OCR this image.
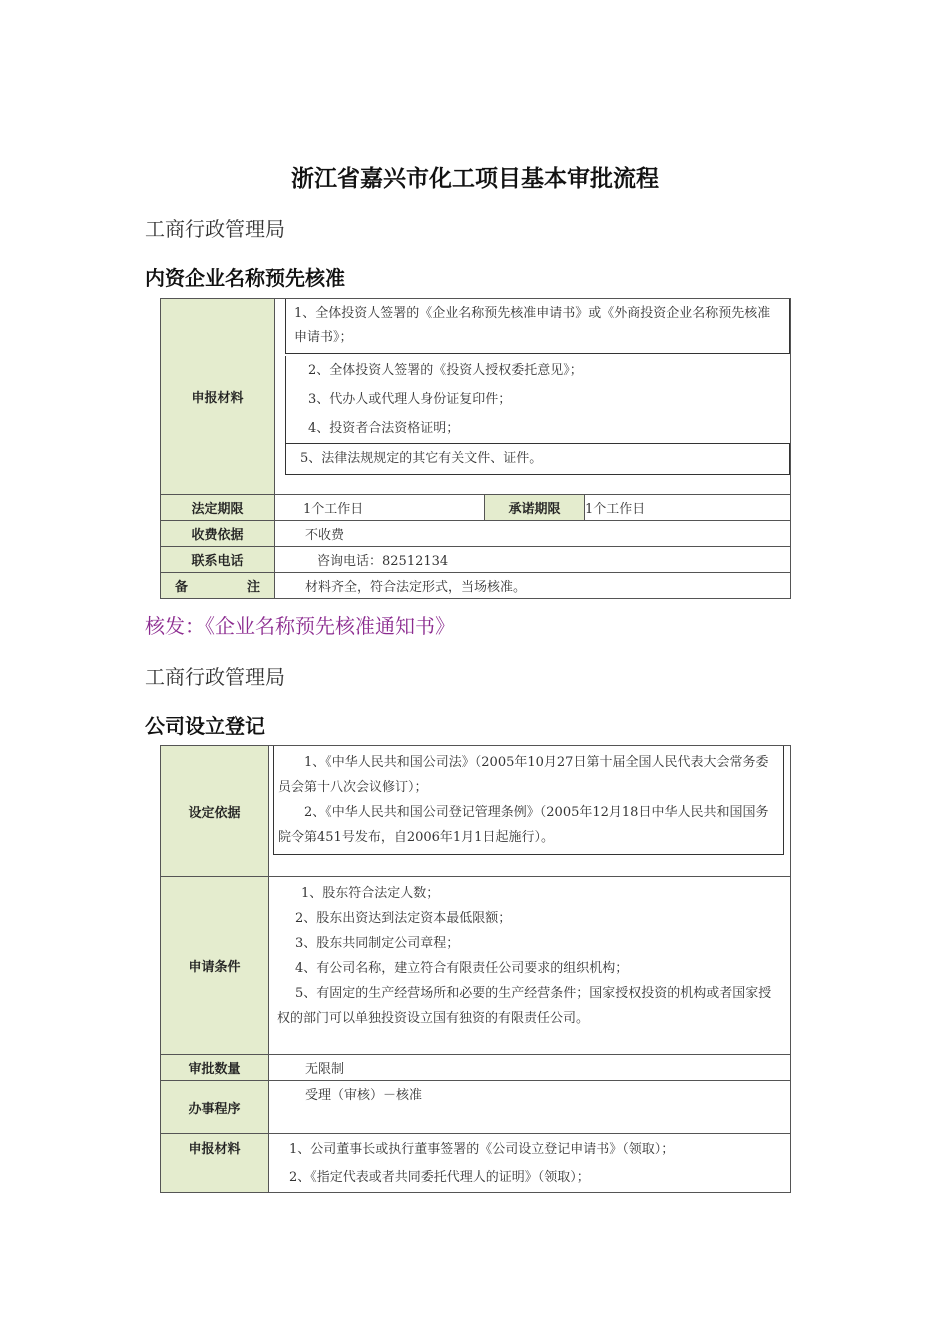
浙江省嘉兴市化工项目基本审批流程
工商行政管理局
内资企业名称预先核准
申报材料	1、全体投资人签署的《企业名称预先核准申请书》或《外商投资企业名称预先核准申请书》；
2、全体投资人签署的《投资人授权委托意见》；
3、代办人或代理人身份证复印件；
4、投资者合法资格证明；
5、法律法规规定的其它有关文件、证件。		

法定期限	1个工作日	承诺期限	1个工作日
收费依据	不收费		
联系电话	咨询电话：82512134		

备 注	材料齐全，符合法定形式，当场核准。		
核发：《企业名称预先核准通知书》
工商行政管理局
公司设立登记
设定依据	1、《中华人民共和国公司法》（2005年10月27日第十届全国人民代表大会常务委员会第十八次会议修订）；
2、《中华人民共和国公司登记管理条例》（2005年12月18日中华人民共和国国务院令第451号发布，自2006年1月1日起施行）。

申请条件	1、股东符合法定人数；
2、股东出资达到法定资本最低限额；
3、股东共同制定公司章程；
4、有公司名称，建立符合有限责任公司要求的组织机构；
5、有固定的生产经营场所和必要的生产经营条件；国家授权投资的机构或者国家授权的部门可以单独投资设立国有独资的有限责任公司。

审批数量	无限制
办事程序	受理（审核）－核准
申报材料	1、公司董事长或执行董事签署的《公司设立登记申请书》（领取）；
2、《指定代表或者共同委托代理人的证明》（领取）；
